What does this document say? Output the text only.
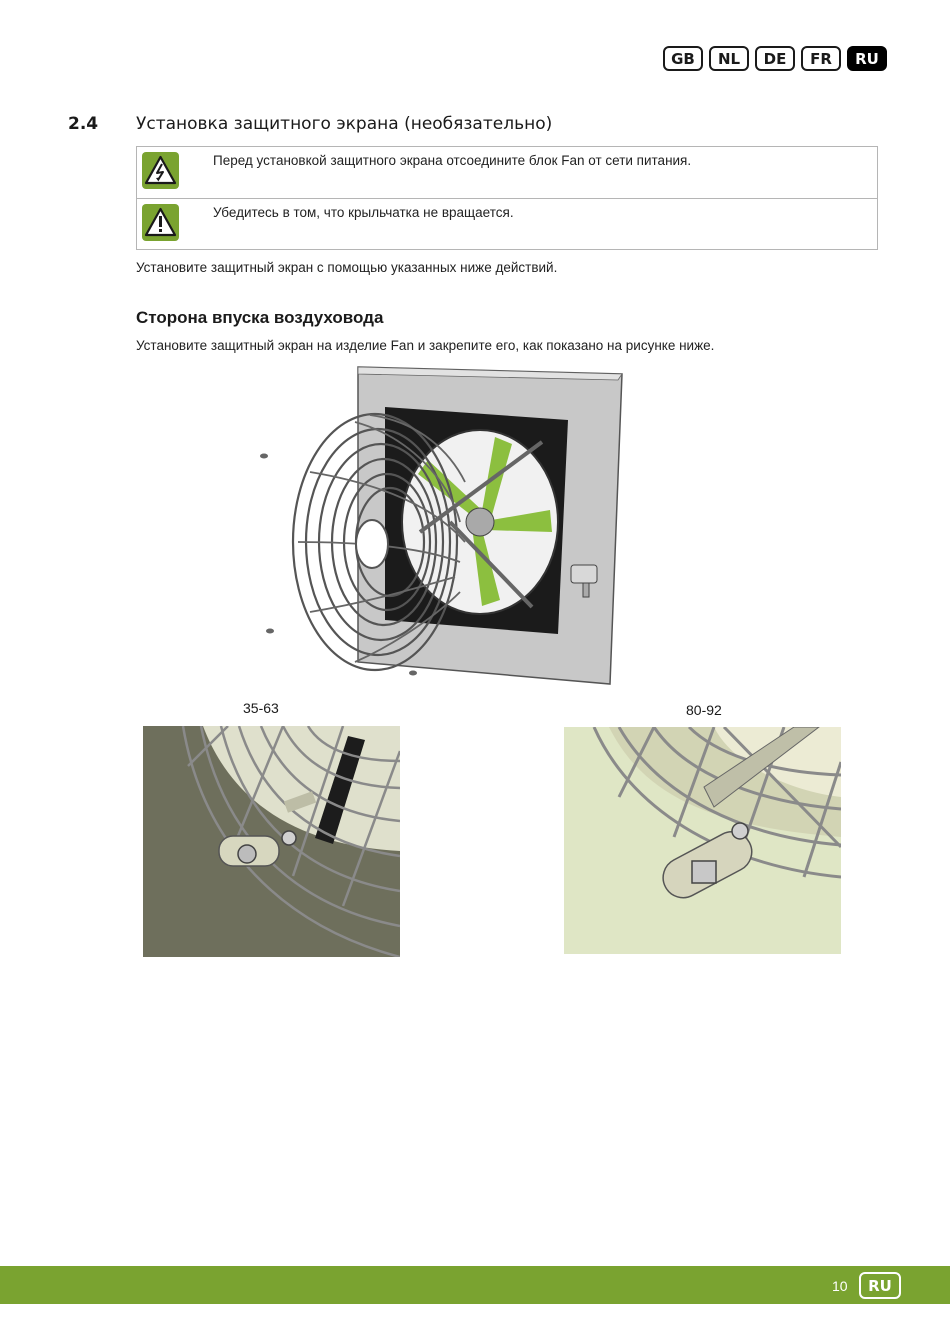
GB	NL	DE	FR	RU
2.4 Установка защитного экрана (необязательно)
Перед установкой защитного экрана отсоедините блок Fan от сети питания.
Убедитесь в том, что крыльчатка не вращается.
Установите защитный экран с помощью указанных ниже действий.
Сторона впуска воздуховода
Установите защитный экран на изделие Fan и закрепите его, как показано на рисунке ниже.
35-63	80-92
10	RU
